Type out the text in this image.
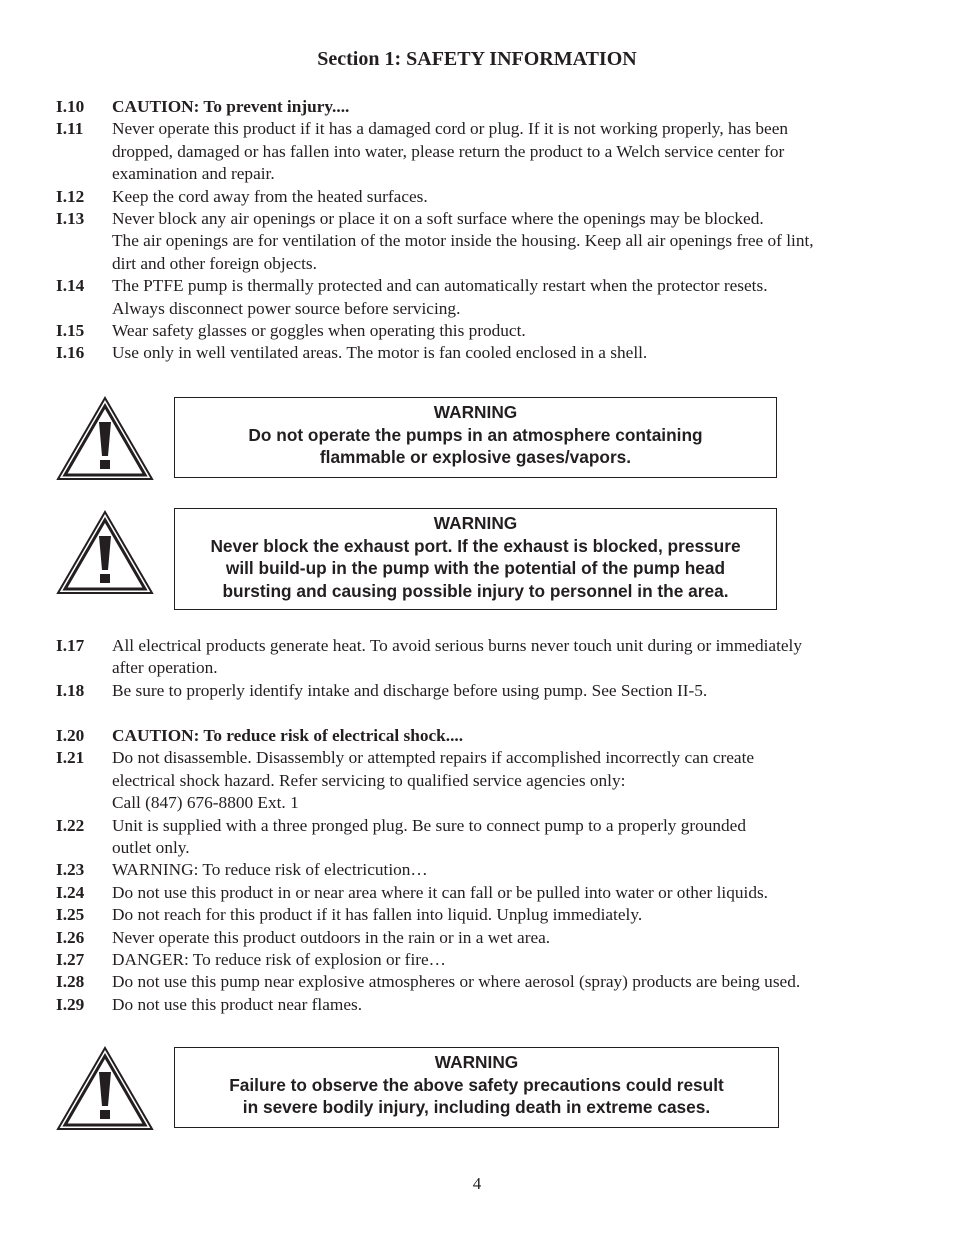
Section 1: SAFETY INFORMATION
I.10 CAUTION: To prevent injury....
I.11 Never operate this product if it has a damaged cord or plug. If it is not working properly, has been
dropped, damaged or has fallen into water, please return the product to a Welch service center for
examination and repair.
I.12 Keep the cord away from the heated surfaces.
I.13 Never block any air openings or place it on a soft surface where the openings may be blocked.
The air openings are for ventilation of the motor inside the housing. Keep all air openings free of lint,
dirt and other foreign objects.
I.14 The PTFE pump is thermally protected and can automatically restart when the protector resets.
Always disconnect power source before servicing.
I.15 Wear safety glasses or goggles when operating this product.
I.16 Use only in well ventilated areas. The motor is fan cooled enclosed in a shell.
WARNING
Do not operate the pumps in an atmosphere containing
flammable or explosive gases/vapors.
WARNING
Never block the exhaust port. If the exhaust is blocked, pressure
will build-up in the pump with the potential of the pump head
bursting and causing possible injury to personnel in the area.
I.17 All electrical products generate heat. To avoid serious burns never touch unit during or immediately
after operation.
I.18 Be sure to properly identify intake and discharge before using pump. See Section II-5.
I.20 CAUTION: To reduce risk of electrical shock....
I.21 Do not disassemble. Disassembly or attempted repairs if accomplished incorrectly can create
electrical shock hazard. Refer servicing to qualified service agencies only:
Call (847) 676-8800 Ext. 1
I.22 Unit is supplied with a three pronged plug. Be sure to connect pump to a properly grounded
outlet only.
I.23 WARNING: To reduce risk of electricution…
I.24 Do not use this product in or near area where it can fall or be pulled into water or other liquids.
I.25 Do not reach for this product if it has fallen into liquid. Unplug immediately.
I.26 Never operate this product outdoors in the rain or in a wet area.
I.27 DANGER: To reduce risk of explosion or fire…
I.28 Do not use this pump near explosive atmospheres or where aerosol (spray) products are being used.
I.29 Do not use this product near flames.
WARNING
Failure to observe the above safety precautions could result
in severe bodily injury, including death in extreme cases.
4
